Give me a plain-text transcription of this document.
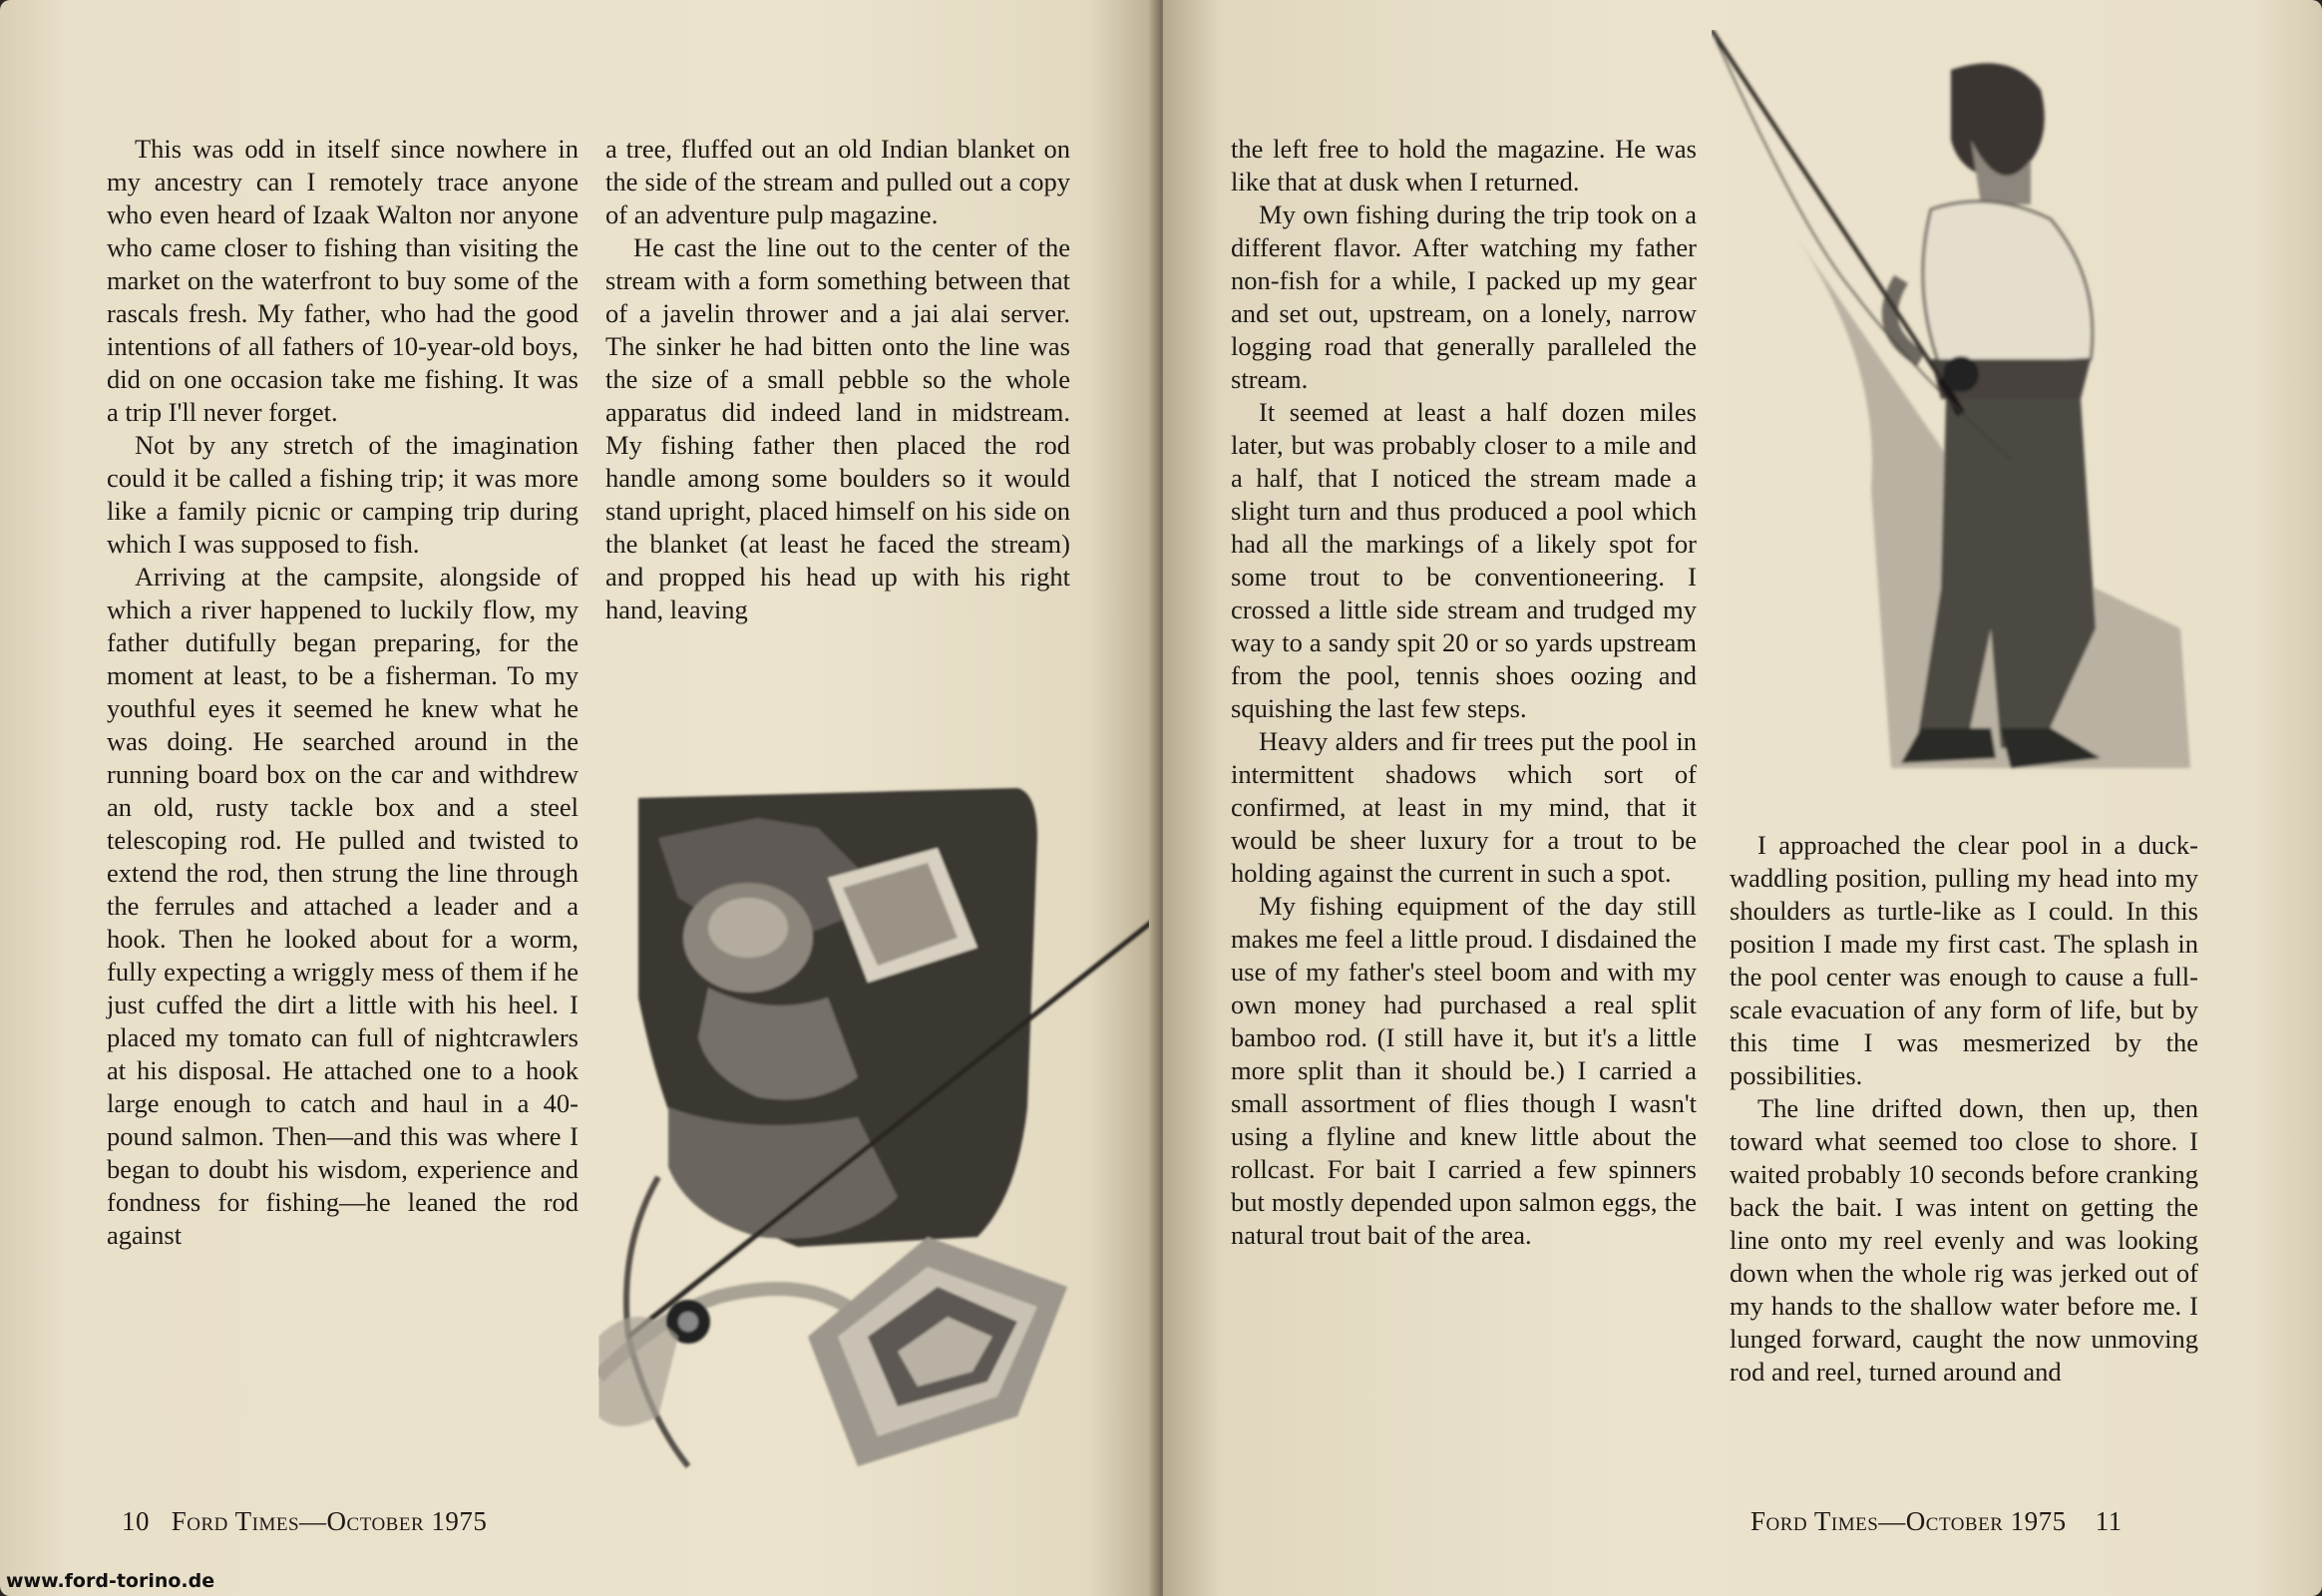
This was odd in itself since nowhere in my ancestry can I remotely trace anyone who even heard of Izaak Walton nor anyone who came closer to fishing than visiting the market on the waterfront to buy some of the rascals fresh. My father, who had the good intentions of all fathers of 10-year-old boys, did on one occasion take me fishing. It was a trip I'll never forget.

Not by any stretch of the imagination could it be called a fishing trip; it was more like a family picnic or camping trip during which I was supposed to fish.

Arriving at the campsite, alongside of which a river happened to luckily flow, my father dutifully began preparing, for the moment at least, to be a fisherman. To my youthful eyes it seemed he knew what he was doing. He searched around in the running board box on the car and withdrew an old, rusty tackle box and a steel telescoping rod. He pulled and twisted to extend the rod, then strung the line through the ferrules and attached a leader and a hook. Then he looked about for a worm, fully expecting a wriggly mess of them if he just cuffed the dirt a little with his heel. I placed my tomato can full of nightcrawlers at his disposal. He attached one to a hook large enough to catch and haul in a 40-pound salmon. Then—and this was where I began to doubt his wisdom, experience and fondness for fishing—he leaned the rod against

a tree, fluffed out an old Indian blanket on the side of the stream and pulled out a copy of an adventure pulp magazine.

He cast the line out to the center of the stream with a form something between that of a javelin thrower and a jai alai server. The sinker he had bitten onto the line was the size of a small pebble so the whole apparatus did indeed land in midstream. My fishing father then placed the rod handle among some boulders so it would stand upright, placed himself on his side on the blanket (at least he faced the stream) and propped his head up with his right hand, leaving

10 Ford Times—October 1975

the left free to hold the magazine. He was like that at dusk when I returned.

My own fishing during the trip took on a different flavor. After watching my father non-fish for a while, I packed up my gear and set out, upstream, on a lonely, narrow logging road that generally paralleled the stream.

It seemed at least a half dozen miles later, but was probably closer to a mile and a half, that I noticed the stream made a slight turn and thus produced a pool which had all the markings of a likely spot for some trout to be conventioneering. I crossed a little side stream and trudged my way to a sandy spit 20 or so yards upstream from the pool, tennis shoes oozing and squishing the last few steps.

Heavy alders and fir trees put the pool in intermittent shadows which sort of confirmed, at least in my mind, that it would be sheer luxury for a trout to be holding against the current in such a spot.

My fishing equipment of the day still makes me feel a little proud. I disdained the use of my father's steel boom and with my own money had purchased a real split bamboo rod. (I still have it, but it's a little more split than it should be.) I carried a small assortment of flies though I wasn't using a flyline and knew little about the rollcast. For bait I carried a few spinners but mostly depended upon salmon eggs, the natural trout bait of the area.

I approached the clear pool in a duck-waddling position, pulling my head into my shoulders as turtle-like as I could. In this position I made my first cast. The splash in the pool center was enough to cause a full-scale evacuation of any form of life, but by this time I was mesmerized by the possibilities.

The line drifted down, then up, then toward what seemed too close to shore. I waited probably 10 seconds before cranking back the bait. I was intent on getting the line onto my reel evenly and was looking down when the whole rig was jerked out of my hands to the shallow water before me. I lunged forward, caught the now unmoving rod and reel, turned around and

Ford Times—October 1975 11
www.ford-torino.de
